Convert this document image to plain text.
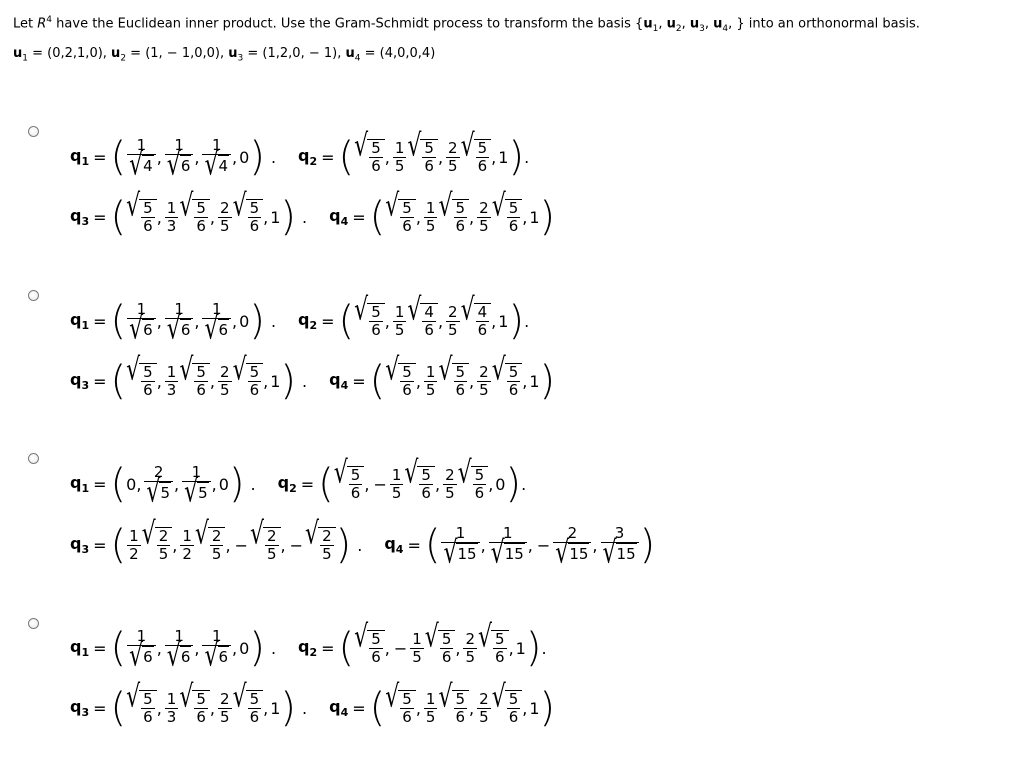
Let $R^4$ have the Euclidean inner product. Use the Gram-Schmidt process to transform the basis {$u_1$, $u_2$, $u_3$, $u_4$, } into an orthonormal basis.
$u_1 = (0,2,1,0)$, $u_2 = (1$, − 1,0,0), $u_3 = (1,2,0$, − 1), $u_4 = (4,0,0,4)$
$q_1$ = ( 1
√ 4 ,
1
√ 6 ,
1
√ 4 , 0 ) . $q_2$ = ( √ 5
6 , 1
5
√ 5
6 , 2
5
√ 5
6 , 1 ) .
$q_3$ = ( √ 5
6 , 1
3
√ 5
6 , 2
5
√ 5
6 , 1 ) . $q_4$ = ( √ 5
6 , 1
5
√ 5
6 , 2
5
√ 5
6 , 1 )
$q_1$ = ( 1
√ 6 ,
1
√ 6 ,
1
√ 6 , 0 ) . $q_2$ = ( √ 5
6 , 1
5
√ 4
6 , 2
5
√ 4
6 , 1 ) .
$q_3$ = ( √ 5
6 , 1
3
√ 5
6 , 2
5
√ 5
6 , 1 ) . $q_4$ = ( √ 5
6 , 1
5
√ 5
6 , 2
5
√ 5
6 , 1 )
$q_1$ = ( 0 ,
2
√ 5 ,
1
√ 5 , 0 ) . $q_2$ = ( √ 5
6 , − $\frac{1}{5}$ √ 5
6 , 2
5
√ 5
6 , 0 ) .
$q_3$ = ( 1
2
√ 2
5 , 1
2
√ 2
5 , − √ 2
5 , − √ 2
5 ) . $q_4$ = ( 1
√ 15 ,
1
√ 15 , − $\frac{2}{√ 15}$ ,
3
√ 15 )
$q_1$ = ( 1
√ 6 ,
1
√ 6 ,
1
√ 6 , 0 ) . $q_2$ = ( √ 5
6 , − $\frac{1}{5}$ √ 5
6 , 2
5
√ 5
6 , 1 ) .
$q_3$ = ( √ 5
6 , 1
3
√ 5
6 , 2
5
√ 5
6 , 1 ) . $q_4$ = ( √ 5
6 , 1
5
√ 5
6 , 2
5
√ 5
6 , 1 )
